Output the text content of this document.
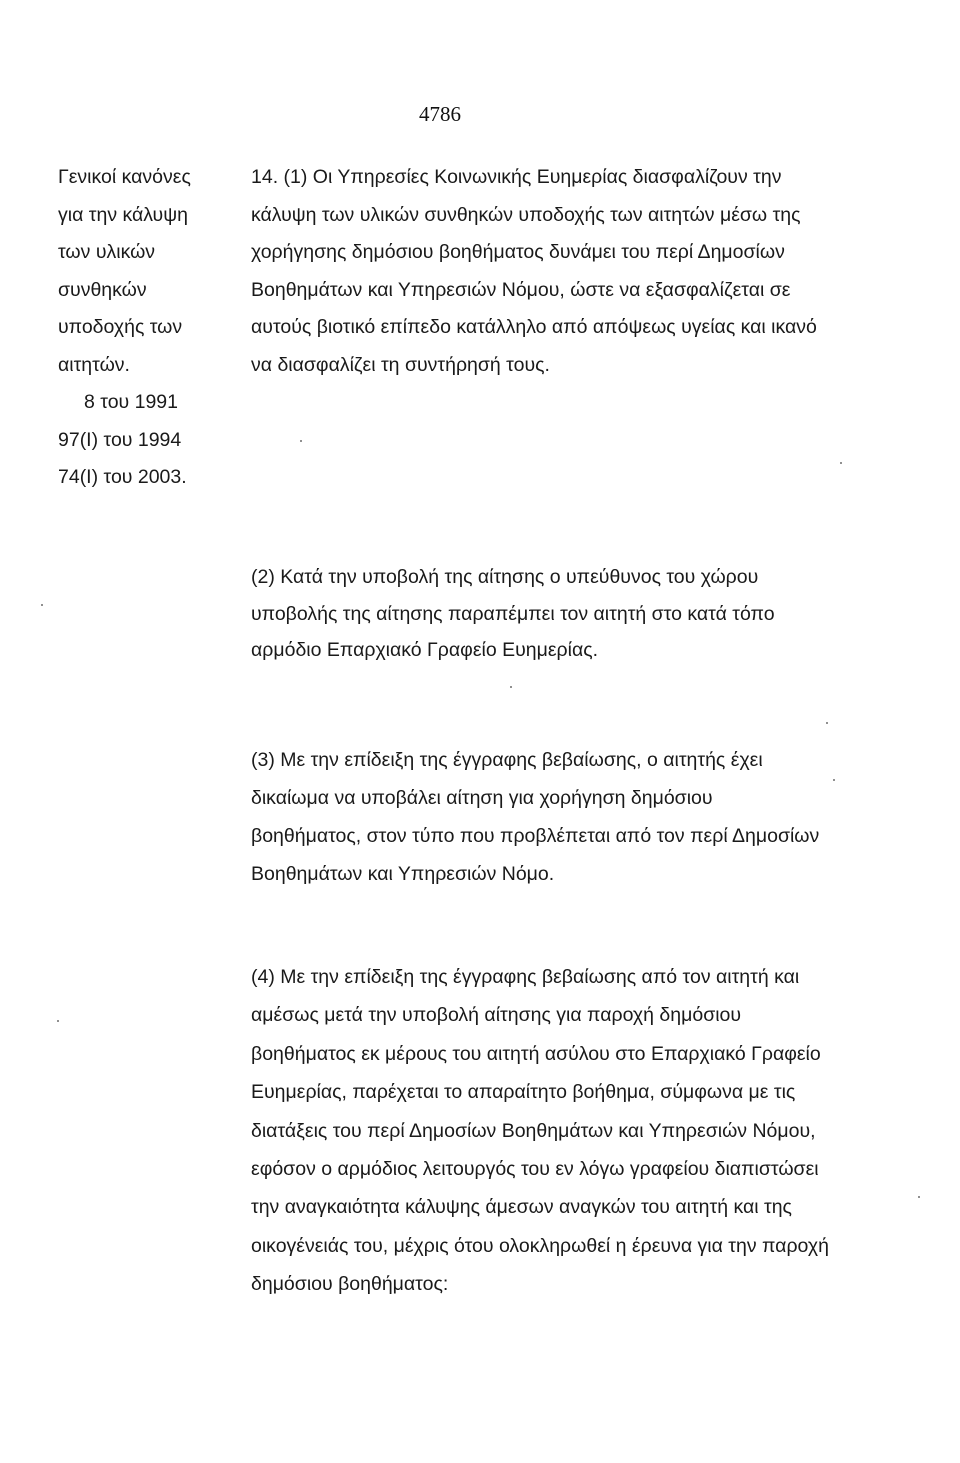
4786
Γενικοί κανόνες
για την κάλυψη
των υλικών
συνθηκών
υποδοχής των
αιτητών.
8 του 1991
97(Ι) του 1994
74(Ι) του 2003.
14. (1) Οι Υπηρεσίες Κοινωνικής Ευημερίας διασφαλίζουν την
κάλυψη των υλικών συνθηκών υποδοχής των αιτητών μέσω της
χορήγησης δημόσιου βοηθήματος δυνάμει του περί Δημοσίων
Βοηθημάτων και Υπηρεσιών Νόμου, ώστε να εξασφαλίζεται σε
αυτούς βιοτικό επίπεδο κατάλληλο από απόψεως υγείας και ικανό
να διασφαλίζει τη συντήρησή τους.
(2) Κατά την υποβολή της αίτησης ο υπεύθυνος του χώρου
υποβολής της αίτησης παραπέμπει τον αιτητή στο κατά τόπο
αρμόδιο Επαρχιακό Γραφείο Ευημερίας.
(3) Με την επίδειξη της έγγραφης βεβαίωσης, ο αιτητής έχει
δικαίωμα να υποβάλει αίτηση για χορήγηση δημόσιου
βοηθήματος, στον τύπο που προβλέπεται από τον περί Δημοσίων
Βοηθημάτων και Υπηρεσιών Νόμο.
(4) Με την επίδειξη της έγγραφης βεβαίωσης από τον αιτητή και
αμέσως μετά την υποβολή αίτησης για παροχή δημόσιου
βοηθήματος εκ μέρους του αιτητή ασύλου στο Επαρχιακό Γραφείο
Ευημερίας, παρέχεται το απαραίτητο βοήθημα, σύμφωνα με τις
διατάξεις του περί Δημοσίων Βοηθημάτων και Υπηρεσιών Νόμου,
εφόσον ο αρμόδιος λειτουργός του εν λόγω γραφείου διαπιστώσει
την αναγκαιότητα κάλυψης άμεσων αναγκών του αιτητή και της
οικογένειάς του, μέχρις ότου ολοκληρωθεί η έρευνα για την παροχή
δημόσιου βοηθήματος:
